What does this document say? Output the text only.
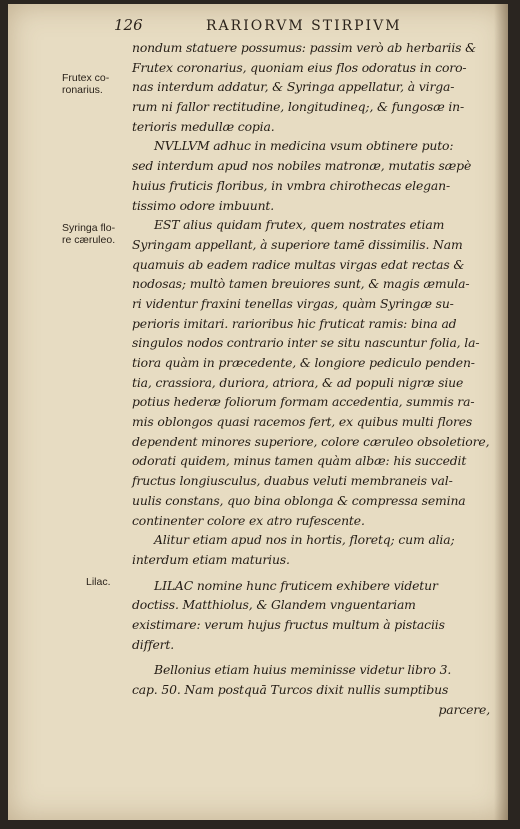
126	RARIORVM STIRPIVM
Frutex co-
ronarius.
Syringa flo-
re cæruleo.
Lilac.
nondum statuere possumus: passim verò ab herbariis &
Frutex coronarius, quoniam eius flos odoratus in coro-
nas interdum addatur, & Syringa appellatur, à virga-
rum ni fallor rectitudine, longitudineq;, & fungosæ in-
terioris medullæ copia.
NVLLVM adhuc in medicina vsum obtinere puto:
sed interdum apud nos nobiles matronæ, mutatis sæpè
huius fruticis floribus, in vmbra chirothecas elegan-
tissimo odore imbuunt.
EST alius quidam frutex, quem nostrates etiam
Syringam appellant, à superiore tamē dissimilis. Nam
quamuis ab eadem radice multas virgas edat rectas &
nodosas; multò tamen breuiores sunt, & magis æmula-
ri videntur fraxini tenellas virgas, quàm Syringæ su-
perioris imitari. rarioribus hic fruticat ramis: bina ad
singulos nodos contrario inter se situ nascuntur folia, la-
tiora quàm in præcedente, & longiore pediculo penden-
tia, crassiora, duriora, atriora, & ad populi nigræ siue
potius hederæ foliorum formam accedentia, summis ra-
mis oblongos quasi racemos fert, ex quibus multi flores
dependent minores superiore, colore cæruleo obsoletiore,
odorati quidem, minus tamen quàm albæ: his succedit
fructus longiusculus, duabus veluti membraneis val-
uulis constans, quo bina oblonga & compressa semina
continenter colore ex atro rufescente.
Alitur etiam apud nos in hortis, floretq; cum alia;
interdum etiam maturius.
LILAC nomine hunc fruticem exhibere videtur
doctiss. Matthiolus, & Glandem vnguentariam
existimare: verum hujus fructus multum à pistaciis
differt.
Bellonius etiam huius meminisse videtur libro 3.
cap. 50. Nam postquā Turcos dixit nullis sumptibus
parcere,
